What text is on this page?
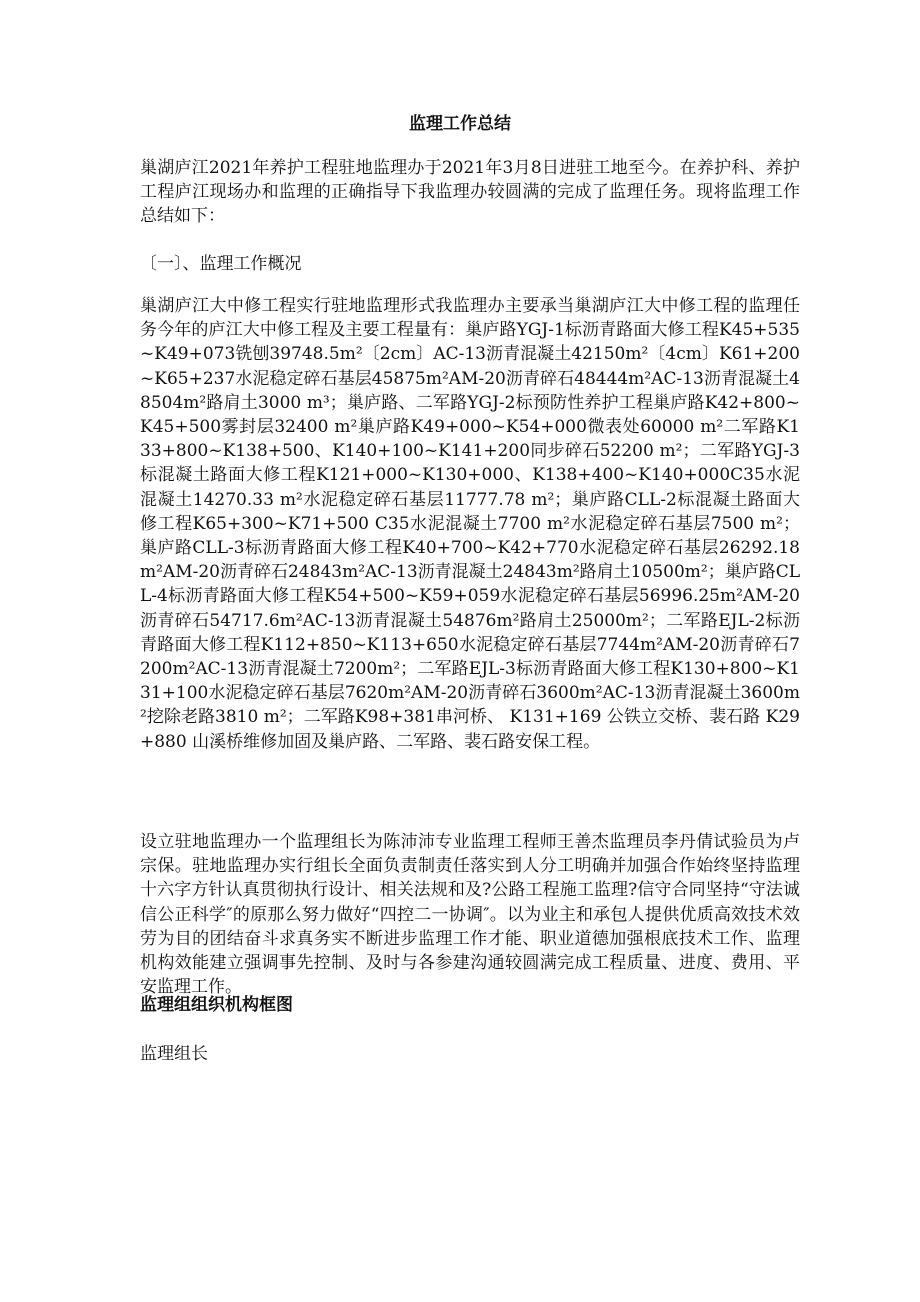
监理工作总结
巢湖庐江2021年养护工程驻地监理办于2021年3月8日进驻工地至今。在养护科、养护工程庐江现场办和监理的正确指导下我监理办较圆满的完成了监理任务。现将监理工作总结如下：
〔一〕、监理工作概况
巢湖庐江大中修工程实行驻地监理形式我监理办主要承当巢湖庐江大中修工程的监理任务今年的庐江大中修工程及主要工程量有：巢庐路YGJ-1标沥青路面大修工程K45+535~K49+073铣刨39748.5m²〔2cm〕AC-13沥青混凝土42150m²〔4cm〕K61+200~K65+237水泥稳定碎石基层45875m²AM-20沥青碎石48444m²AC-13沥青混凝土48504m²路肩土3000 m³；巢庐路、二军路YGJ-2标预防性养护工程巢庐路K42+800~K45+500雾封层32400 m²巢庐路K49+000~K54+000微表处60000 m²二军路K133+800~K138+500、K140+100~K141+200同步碎石52200 m²；二军路YGJ-3标混凝土路面大修工程K121+000~K130+000、K138+400~K140+000C35水泥混凝土14270.33 m²水泥稳定碎石基层11777.78 m²；巢庐路CLL-2标混凝土路面大修工程K65+300~K71+500 C35水泥混凝土7700 m²水泥稳定碎石基层7500 m²；巢庐路CLL-3标沥青路面大修工程K40+700~K42+770水泥稳定碎石基层26292.18m²AM-20沥青碎石24843m²AC-13沥青混凝土24843m²路肩土10500m²；巢庐路CLL-4标沥青路面大修工程K54+500~K59+059水泥稳定碎石基层56996.25m²AM-20沥青碎石54717.6m²AC-13沥青混凝土54876m²路肩土25000m²；二军路EJL-2标沥青路面大修工程K112+850~K113+650水泥稳定碎石基层7744m²AM-20沥青碎石7200m²AC-13沥青混凝土7200m²；二军路EJL-3标沥青路面大修工程K130+800~K131+100水泥稳定碎石基层7620m²AM-20沥青碎石3600m²AC-13沥青混凝土3600m²挖除老路3810 m²；二军路K98+381串河桥、 K131+169 公铁立交桥、裴石路 K29+880 山溪桥维修加固及巢庐路、二军路、裴石路安保工程。
设立驻地监理办一个监理组长为陈沛沛专业监理工程师王善杰监理员李丹倩试验员为卢宗保。驻地监理办实行组长全面负责制责任落实到人分工明确并加强合作始终坚持监理十六字方针认真贯彻执行设计、相关法规和及?公路工程施工监理?信守合同坚持“守法诚信公正科学″的原那么努力做好“四控二一协调″。以为业主和承包人提供优质高效技术效劳为目的团结奋斗求真务实不断进步监理工作才能、职业道德加强根底技术工作、监理机构效能建立强调事先控制、及时与各参建沟通较圆满完成工程质量、进度、费用、平安监理工作。
监理组组织机构框图
监理组长
